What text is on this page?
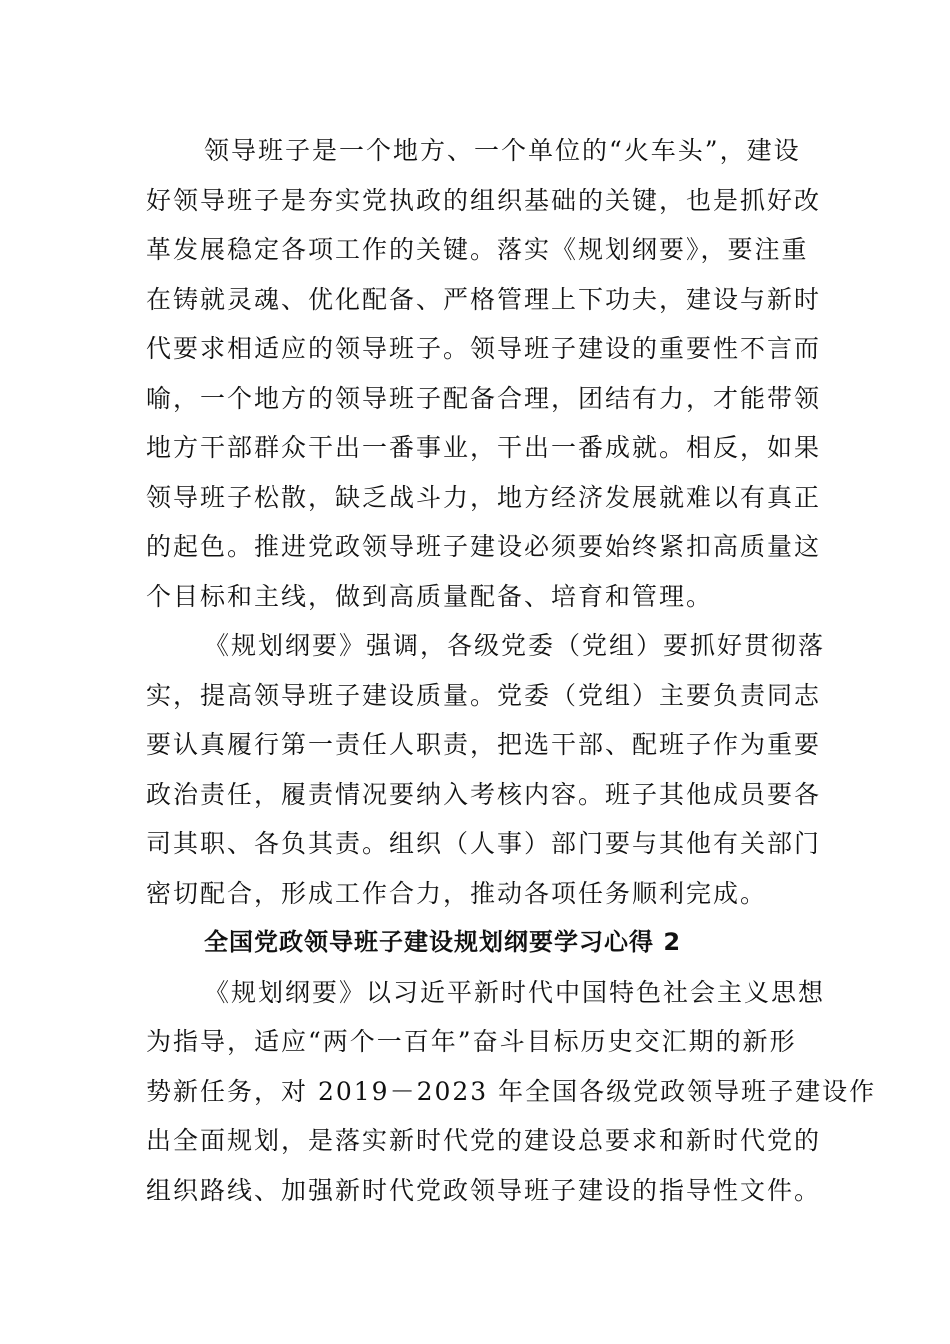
领导班子是一个地方、一个单位的“火车头”，建设
好领导班子是夯实党执政的组织基础的关键，也是抓好改
革发展稳定各项工作的关键。落实《规划纲要》，要注重
在铸就灵魂、优化配备、严格管理上下功夫，建设与新时
代要求相适应的领导班子。领导班子建设的重要性不言而
喻，一个地方的领导班子配备合理，团结有力，才能带领
地方干部群众干出一番事业，干出一番成就。相反，如果
领导班子松散，缺乏战斗力，地方经济发展就难以有真正
的起色。推进党政领导班子建设必须要始终紧扣高质量这
个目标和主线，做到高质量配备、培育和管理。
《规划纲要》强调，各级党委（党组）要抓好贯彻落
实，提高领导班子建设质量。党委（党组）主要负责同志
要认真履行第一责任人职责，把选干部、配班子作为重要
政治责任，履责情况要纳入考核内容。班子其他成员要各
司其职、各负其责。组织（人事）部门要与其他有关部门
密切配合，形成工作合力，推动各项任务顺利完成。
全国党政领导班子建设规划纲要学习心得 2
《规划纲要》以习近平新时代中国特色社会主义思想
为指导，适应“两个一百年”奋斗目标历史交汇期的新形
势新任务，对 2019－2023 年全国各级党政领导班子建设作
出全面规划，是落实新时代党的建设总要求和新时代党的
组织路线、加强新时代党政领导班子建设的指导性文件。
